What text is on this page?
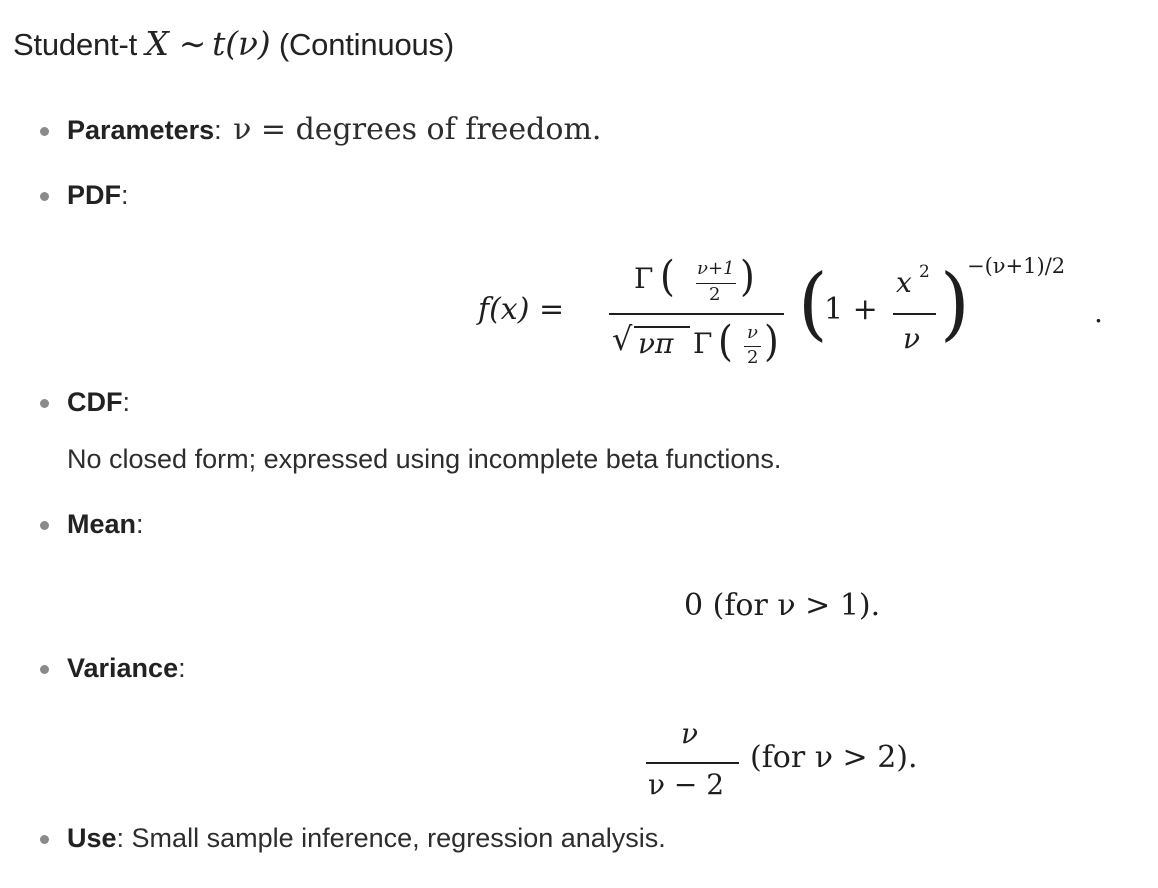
Student-t X ∼ t(ν) (Continuous)
Parameters: ν = degrees of freedom.
PDF:
f(x) =
Γ ( ν+1
2 )
√ νπ Γ ( ν
2 ) (
1 +
x 2
ν )
−(ν+1)/2
.
CDF:
No closed form; expressed using incomplete beta functions.
Mean:
0 (for ν > 1).
Variance:
ν
ν − 2
(for ν > 2).
Use: Small sample inference, regression analysis.
